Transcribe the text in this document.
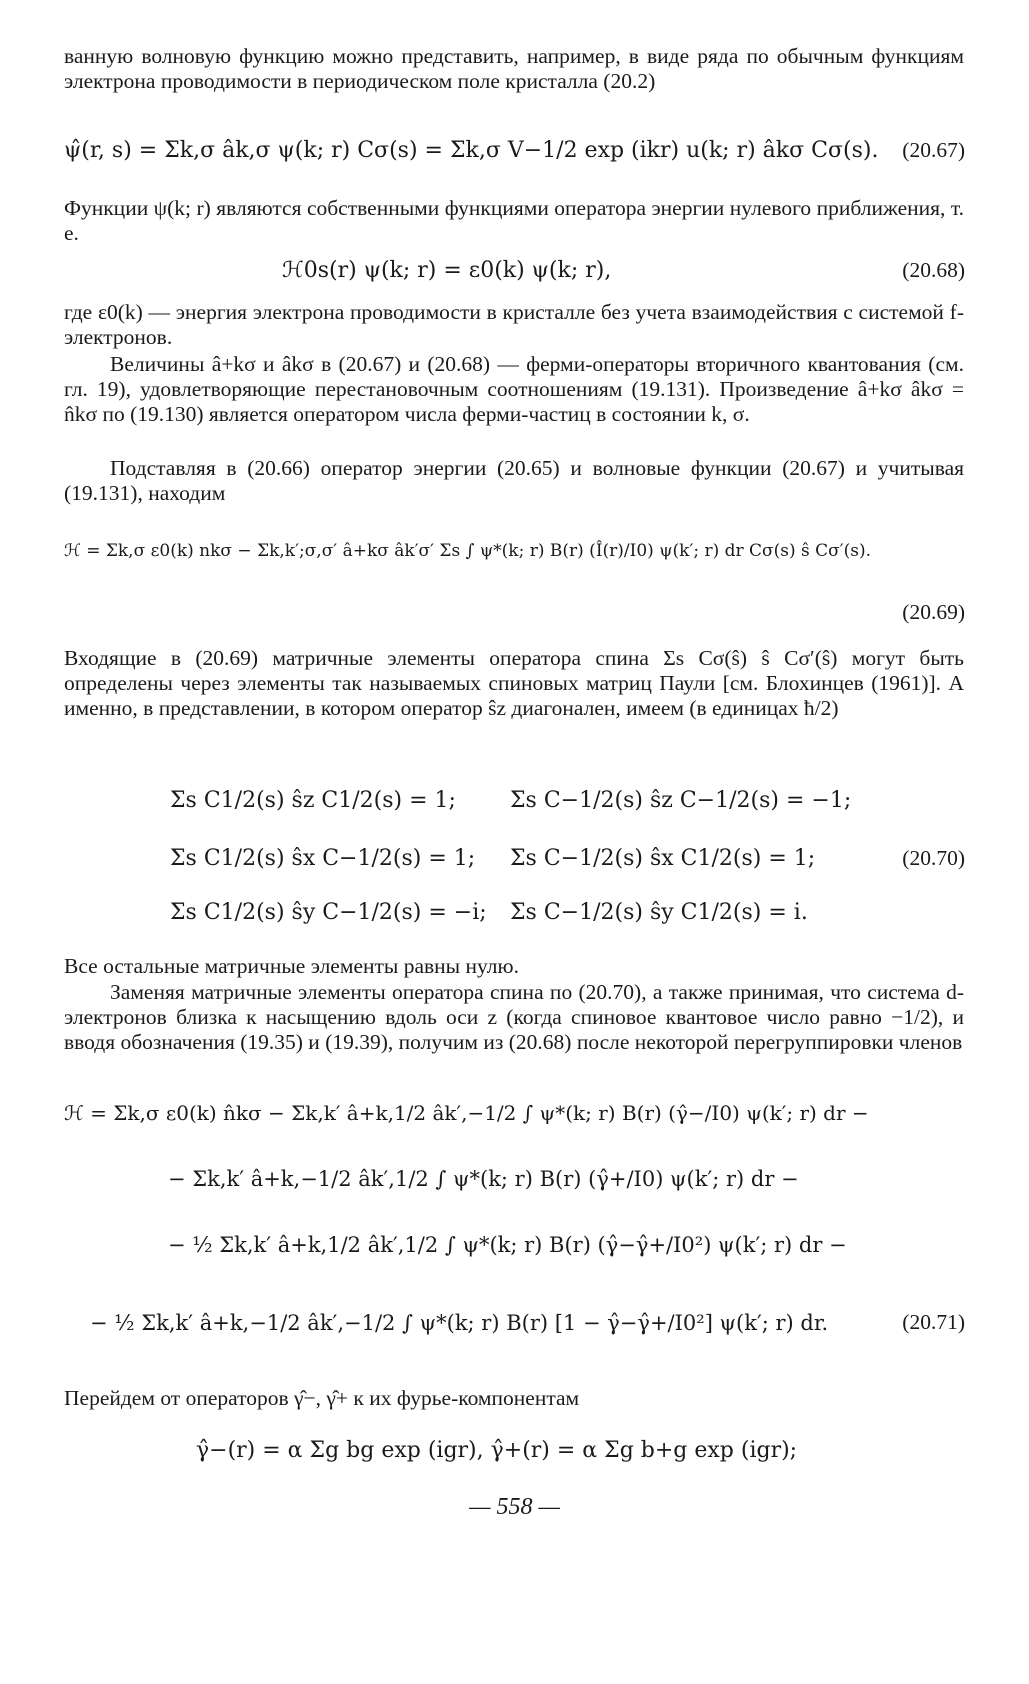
ванную волновую функцию можно представить, например, в виде ряда по обычным функциям электрона проводимости в периодическом поле кристалла (20.2)
ψ̂(r, s) = Σk,σ âk,σ ψ(k; r) Cσ(s) = Σk,σ V−1/2 exp (ikr) u(k; r) âkσ Cσ(s). (20.67)
Функции ψ(k; r) являются собственными функциями оператора энергии нулевого приближения, т. е.
ℋ0s(r) ψ(k; r) = ε0(k) ψ(k; r),	(20.68)
где ε0(k) — энергия электрона проводимости в кристалле без учета взаимодействия с системой f-электронов.
Величины â+kσ и âkσ в (20.67) и (20.68) — ферми-операторы вторичного квантования (см. гл. 19), удовлетворяющие перестановочным соотношениям (19.131). Произведение â+kσ âkσ = n̂kσ по (19.130) является оператором числа ферми-частиц в состоянии k, σ.
Подставляя в (20.66) оператор энергии (20.65) и волновые функции (20.67) и учитывая (19.131), находим
ℋ = Σk,σ ε0(k) nkσ − Σk,k′;σ,σ′ â+kσ âk′σ′ Σs ∫ ψ*(k; r) B(r) (Î(r)/I0) ψ(k′; r) dr Cσ(s) ŝ Cσ′(s).
(20.69)
Входящие в (20.69) матричные элементы оператора спина Σs Cσ(ŝ) ŝ Cσ′(ŝ) могут быть определены через элементы так называемых спиновых матриц Паули [см. Блохинцев (1961)]. А именно, в представлении, в котором оператор ŝz диагонален, имеем (в единицах ħ/2)
Σs C1/2(s) ŝz C1/2(s) = 1; Σs C−1/2(s) ŝz C−1/2(s) = −1;
Σs C1/2(s) ŝx C−1/2(s) = 1; Σs C−1/2(s) ŝx C1/2(s) = 1;	(20.70)
Σs C1/2(s) ŝy C−1/2(s) = −i; Σs C−1/2(s) ŝy C1/2(s) = i.
Все остальные матричные элементы равны нулю.
Заменяя матричные элементы оператора спина по (20.70), а также принимая, что система d-электронов близка к насыщению вдоль оси z (когда спиновое квантовое число равно −1/2), и вводя обозначения (19.35) и (19.39), получим из (20.68) после некоторой перегруппировки членов
ℋ = Σk,σ ε0(k) n̂kσ − Σk,k′ â+k,1/2 âk′,−1/2 ∫ ψ*(k; r) B(r) (γ̂−/I0) ψ(k′; r) dr −
− Σk,k′ â+k,−1/2 âk′,1/2 ∫ ψ*(k; r) B(r) (γ̂+/I0) ψ(k′; r) dr −
− ½ Σk,k′ â+k,1/2 âk′,1/2 ∫ ψ*(k; r) B(r) (γ̂−γ̂+/I0²) ψ(k′; r) dr −
− ½ Σk,k′ â+k,−1/2 âk′,−1/2 ∫ ψ*(k; r) B(r) [1 − γ̂−γ̂+/I0²] ψ(k′; r) dr.	(20.71)
Перейдем от операторов γ̂−, γ̂+ к их фурье-компонентам
γ̂−(r) = α Σg bg exp (igr), γ̂+(r) = α Σg b+g exp (igr);
— 558 —
